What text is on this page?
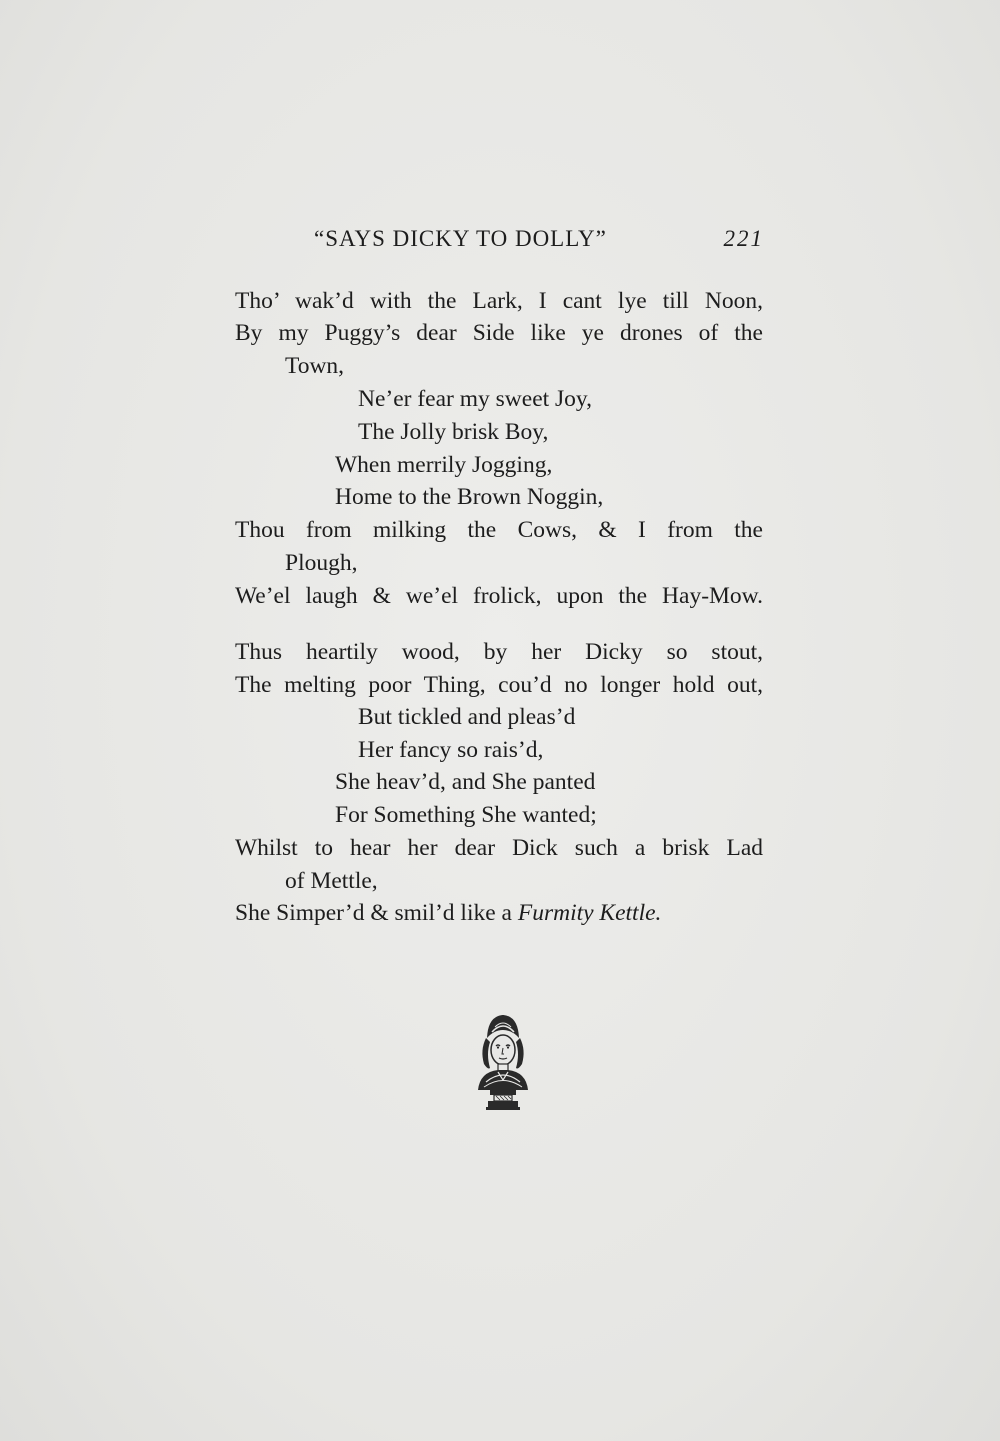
“SAYS DICKY TO DOLLY”	221
Tho’ wak’d with the Lark, I cant lye till Noon,
By my Puggy’s dear Side like ye drones of the
Town,
Ne’er fear my sweet Joy,
The Jolly brisk Boy,
When merrily Jogging,
Home to the Brown Noggin,
Thou from milking the Cows, & I from the
Plough,
We’el laugh & we’el frolick, upon the Hay-Mow.
Thus heartily wood, by her Dicky so stout,
The melting poor Thing, cou’d no longer hold out,
But tickled and pleas’d
Her fancy so rais’d,
She heav’d, and She panted
For Something She wanted;
Whilst to hear her dear Dick such a brisk Lad
of Mettle,
She Simper’d & smil’d like a Furmity Kettle.
